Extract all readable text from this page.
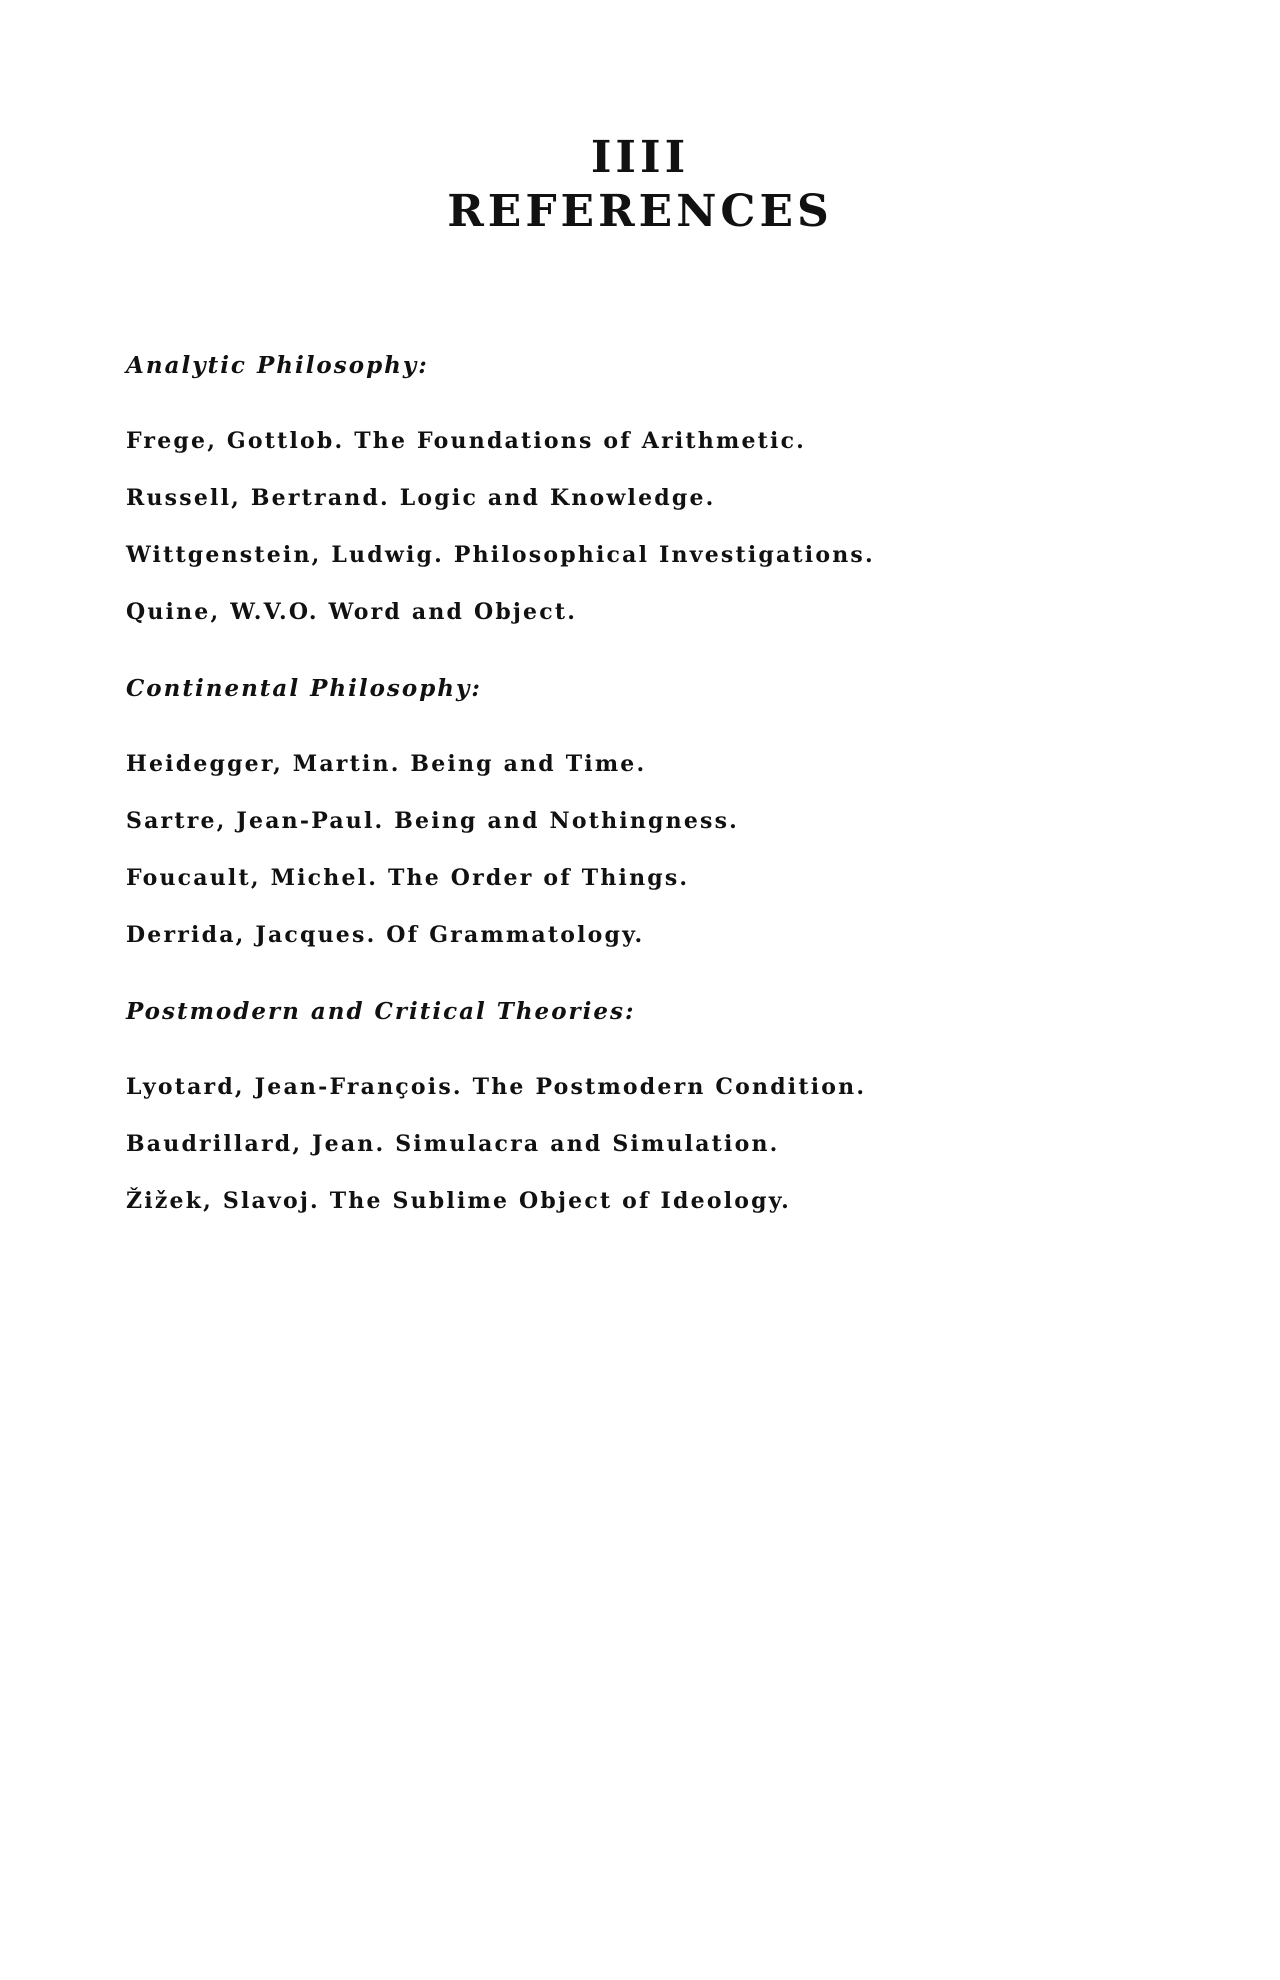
IIII
REFERENCES
Analytic Philosophy:
Frege, Gottlob. The Foundations of Arithmetic.
Russell, Bertrand. Logic and Knowledge.
Wittgenstein, Ludwig. Philosophical Investigations.
Quine, W.V.O. Word and Object.
Continental Philosophy:
Heidegger, Martin. Being and Time.
Sartre, Jean-Paul. Being and Nothingness.
Foucault, Michel. The Order of Things.
Derrida, Jacques. Of Grammatology.
Postmodern and Critical Theories:
Lyotard, Jean-François. The Postmodern Condition.
Baudrillard, Jean. Simulacra and Simulation.
Žižek, Slavoj. The Sublime Object of Ideology.
